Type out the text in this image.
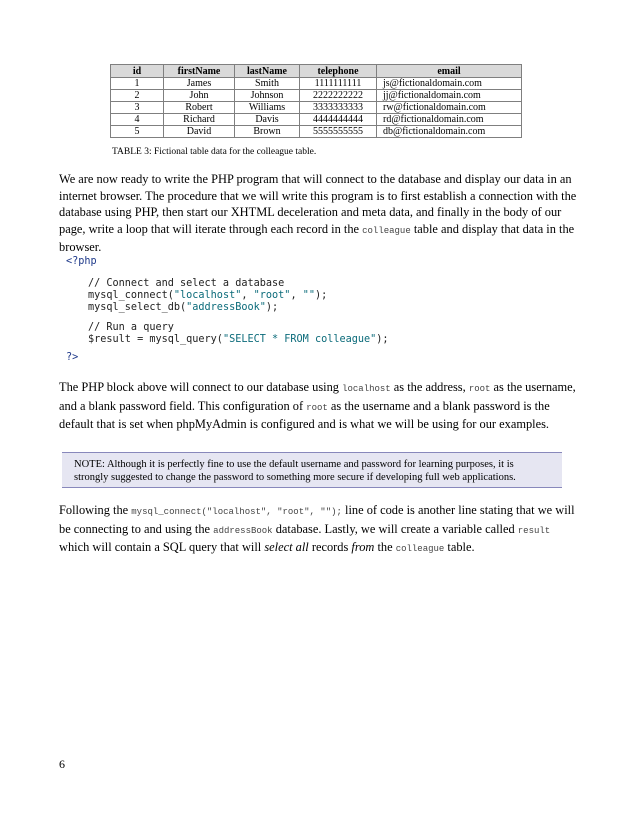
id	firstName	lastName	telephone	email
1	James	Smith	1111111111	js@fictionaldomain.com
2	John	Johnson	2222222222	jj@fictionaldomain.com
3	Robert	Williams	3333333333	rw@fictionaldomain.com
4	Richard	Davis	4444444444	rd@fictionaldomain.com
5	David	Brown	5555555555	db@fictionaldomain.com
TABLE 3: Fictional table data for the colleague table.

We are now ready to write the PHP program that will connect to the database and display our data in an internet browser. The procedure that we will write this program is to first establish a connection with the database using PHP, then start our XHTML deceleration and meta data, and finally in the body of our page, write a loop that will iterate through each record in the colleague table and display that data in the browser.

<?php
// Connect and select a database
mysql_connect("localhost", "root", "");
mysql_select_db("addressBook");
// Run a query
$result = mysql_query("SELECT * FROM colleague");
?>

The PHP block above will connect to our database using localhost as the address, root as the username, and a blank password field. This configuration of root as the username and a blank password is the default that is set when phpMyAdmin is configured and is what we will be using for our examples.

NOTE: Although it is perfectly fine to use the default username and password for learning purposes, it is strongly suggested to change the password to something more secure if developing full web applications.

Following the mysql_connect("localhost", "root", ""); line of code is another line stating that we will be connecting to and using the addressBook database. Lastly, we will create a variable called result which will contain a SQL query that will select all records from the colleague table.

6
